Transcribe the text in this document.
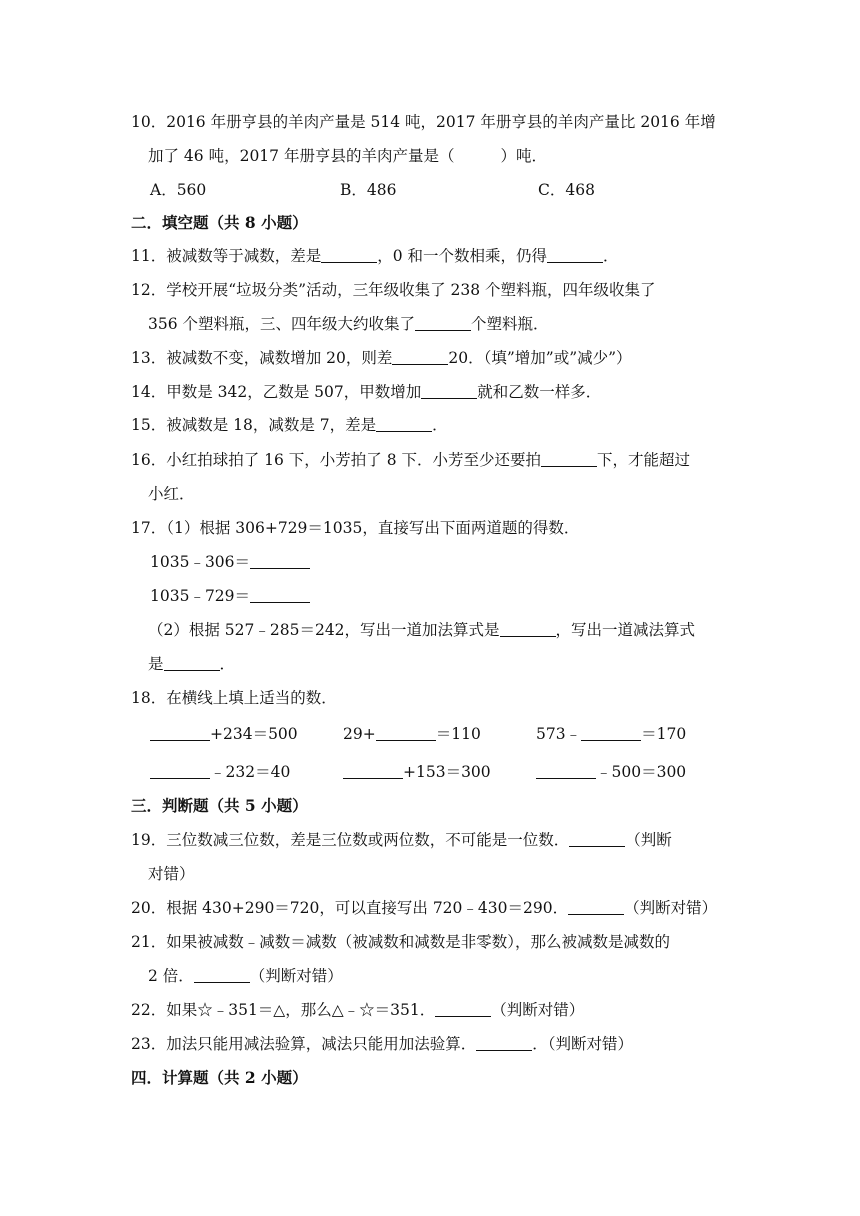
10．2016 年册亨县的羊肉产量是 514 吨，2017 年册亨县的羊肉产量比 2016 年增
加了 46 吨，2017 年册亨县的羊肉产量是（	）吨．
A．560	B．486	C．468
二．填空题（共 8 小题）
11．被减数等于减数，差是	，0 和一个数相乘，仍得	．
12．学校开展“垃圾分类”活动，三年级收集了 238 个塑料瓶，四年级收集了
356 个塑料瓶，三、四年级大约收集了	个塑料瓶．
13．被减数不变，减数增加 20，则差	20．（填”增加”或”减少”）
14．甲数是 342，乙数是 507，甲数增加	就和乙数一样多．
15．被减数是 18，减数是 7，差是	．
16．小红拍球拍了 16 下，小芳拍了 8 下．小芳至少还要拍	下，才能超过
小红．
17．（1）根据 306+729＝1035，直接写出下面两道题的得数．
1035﹣306＝
1035﹣729＝
（2）根据 527﹣285＝242，写出一道加法算式是	，写出一道减法算式
是	．
18．在横线上填上适当的数．
+234＝500	29+	＝110	573﹣	＝170
﹣232＝40	+153＝300	﹣500＝300
三．判断题（共 5 小题）
19．三位数减三位数，差是三位数或两位数，不可能是一位数．	（判断
对错）
20．根据 430+290＝720，可以直接写出 720﹣430＝290．	（判断对错）
21．如果被减数﹣减数＝减数（被减数和减数是非零数），那么被减数是减数的
2 倍．	（判断对错）
22．如果☆﹣351＝△，那么△﹣☆＝351．	（判断对错）
23．加法只能用减法验算，减法只能用加法验算．	．（判断对错）
四．计算题（共 2 小题）
